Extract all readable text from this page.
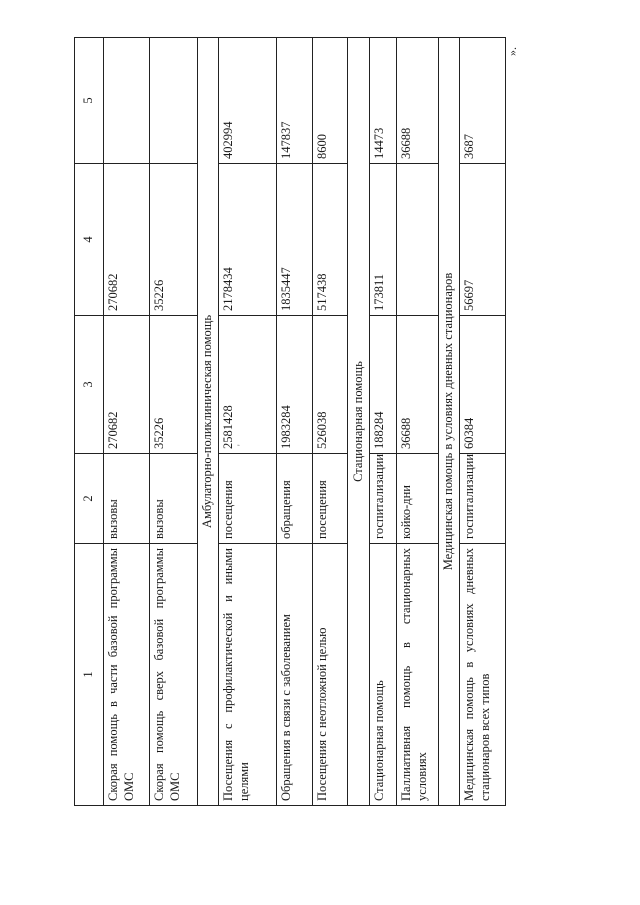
1	2	3	4	5
Скорая помощь в части базовой программы ОМС	вызовы	270682	270682	
Скорая помощь сверх базовой программы ОМС	вызовы	35226	35226	
Амбулаторно-поликлиническая помощь				
Посещения с профилактической и иными целями	посещения	2581428	2178434	402994
Обращения в связи с заболеванием	обращения	1983284	1835447	147837
Посещения с неотложной целью	посещения	526038	517438	8600
Стационарная помощь				
Стационарная помощь	госпитализации	188284	173811	14473
Паллиативная помощь в стационарных условиях	койко-дни	36688		36688
Медицинская помощь в условиях дневных стационаров				
Медицинская помощь в условиях дневных стационаров всех типов	госпитализации	60384	56697	3687
».
'
